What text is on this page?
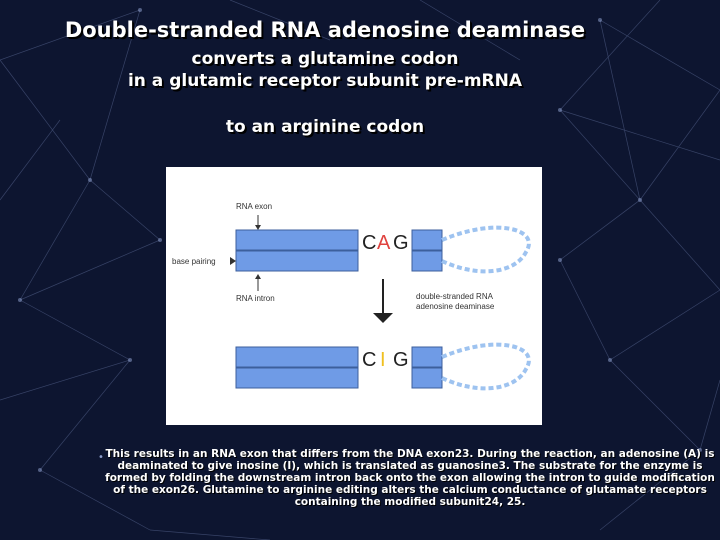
Double-stranded RNA adenosine deaminase
converts a glutamine codon
in a glutamic receptor subunit pre-mRNA
to an arginine codon
RNA exon
C A G
base pairing
RNA intron	double-stranded RNA
adenosine deaminase
C I G
• This results in an RNA exon that differs from the DNA exon23. During the reaction, an adenosine (A) is deaminated to give inosine (I), which is translated as guanosine3. The substrate for the enzyme is formed by folding the downstream intron back onto the exon allowing the intron to guide modification of the exon26. Glutamine to arginine editing alters the calcium conductance of glutamate receptors containing the modified subunit24, 25.
